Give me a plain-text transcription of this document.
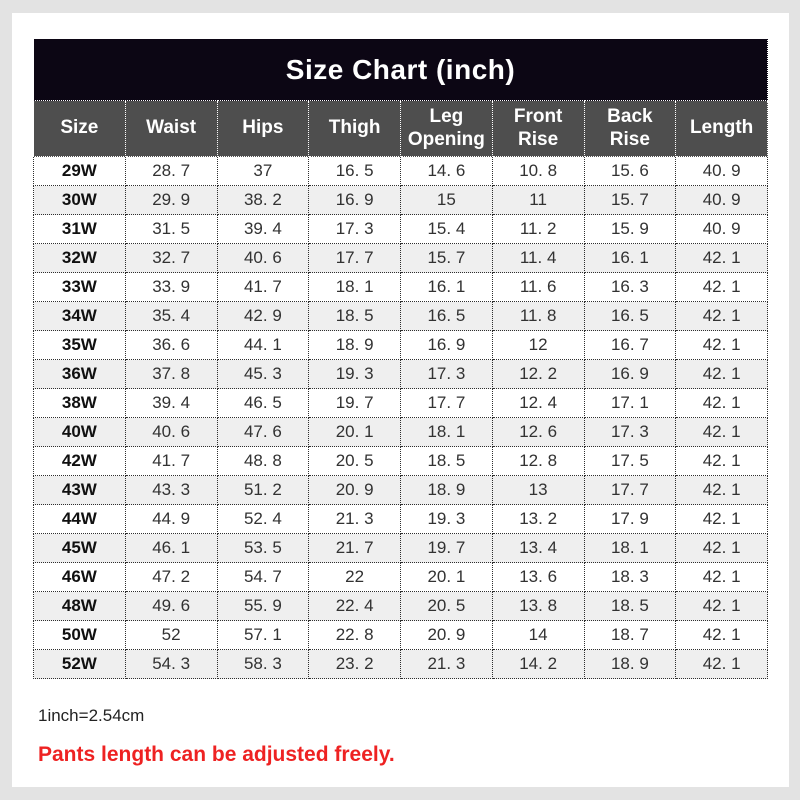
Size Chart (inch)							
Size	Waist	Hips	Thigh	Leg Opening	Front Rise	Back Rise	Length
29W	28. 7	37	16. 5	14. 6	10. 8	15. 6	40. 9
30W	29. 9	38. 2	16. 9	15	11	15. 7	40. 9
31W	31. 5	39. 4	17. 3	15. 4	11. 2	15. 9	40. 9
32W	32. 7	40. 6	17. 7	15. 7	11. 4	16. 1	42. 1
33W	33. 9	41. 7	18. 1	16. 1	11. 6	16. 3	42. 1
34W	35. 4	42. 9	18. 5	16. 5	11. 8	16. 5	42. 1
35W	36. 6	44. 1	18. 9	16. 9	12	16. 7	42. 1
36W	37. 8	45. 3	19. 3	17. 3	12. 2	16. 9	42. 1
38W	39. 4	46. 5	19. 7	17. 7	12. 4	17. 1	42. 1
40W	40. 6	47. 6	20. 1	18. 1	12. 6	17. 3	42. 1
42W	41. 7	48. 8	20. 5	18. 5	12. 8	17. 5	42. 1
43W	43. 3	51. 2	20. 9	18. 9	13	17. 7	42. 1
44W	44. 9	52. 4	21. 3	19. 3	13. 2	17. 9	42. 1
45W	46. 1	53. 5	21. 7	19. 7	13. 4	18. 1	42. 1
46W	47. 2	54. 7	22	20. 1	13. 6	18. 3	42. 1
48W	49. 6	55. 9	22. 4	20. 5	13. 8	18. 5	42. 1
50W	52	57. 1	22. 8	20. 9	14	18. 7	42. 1
52W	54. 3	58. 3	23. 2	21. 3	14. 2	18. 9	42. 1
1inch=2.54cm
Pants length can be adjusted freely.
